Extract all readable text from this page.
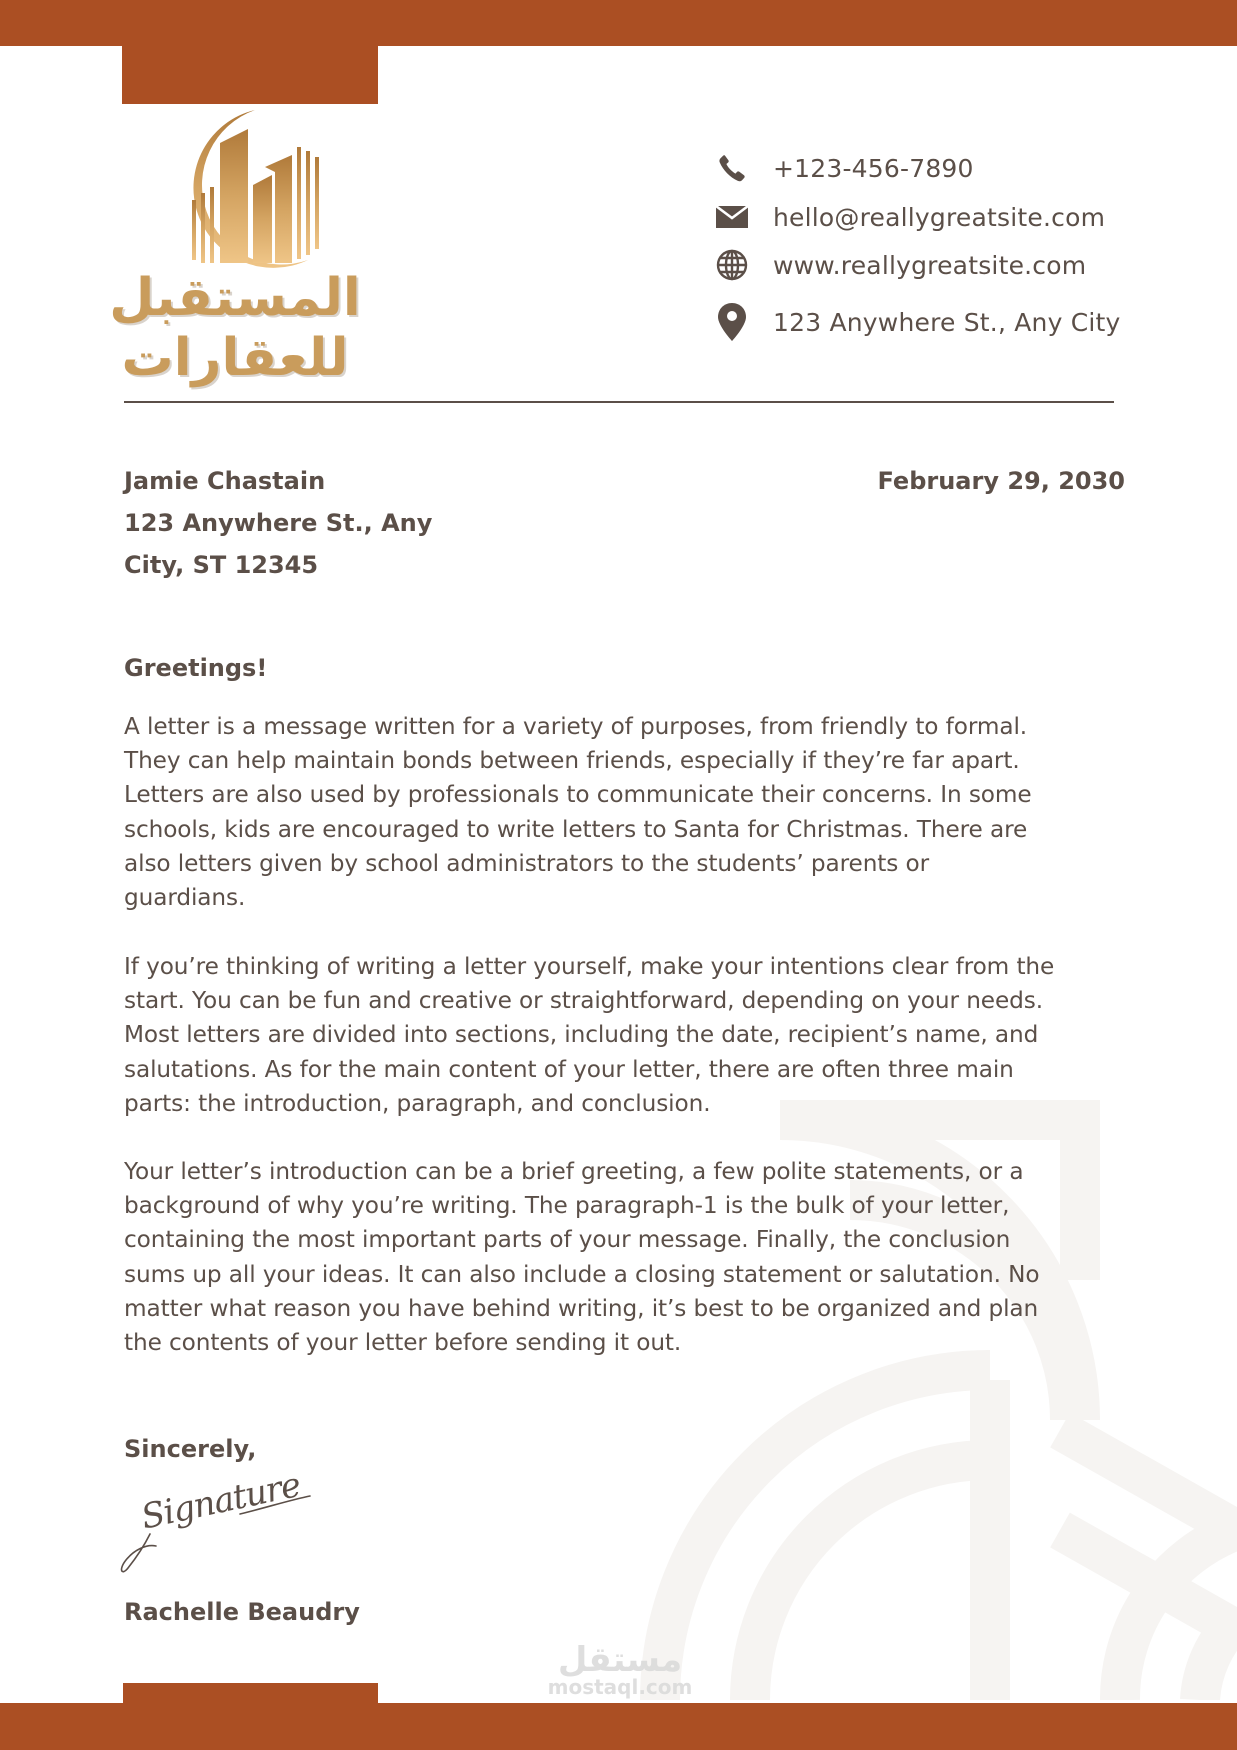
المستقبل للعقارات
+123-456-7890
hello@reallygreatsite.com
www.reallygreatsite.com
123 Anywhere St., Any City
Jamie Chastain
123 Anywhere St., Any
City, ST 12345
February 29, 2030
Greetings!
A letter is a message written for a variety of purposes, from friendly to formal.
They can help maintain bonds between friends, especially if they’re far apart.
Letters are also used by professionals to communicate their concerns. In some
schools, kids are encouraged to write letters to Santa for Christmas. There are
also letters given by school administrators to the students’ parents or
guardians.
If you’re thinking of writing a letter yourself, make your intentions clear from the
start. You can be fun and creative or straightforward, depending on your needs.
Most letters are divided into sections, including the date, recipient’s name, and
salutations. As for the main content of your letter, there are often three main
parts: the introduction, paragraph, and conclusion.
Your letter’s introduction can be a brief greeting, a few polite statements, or a
background of why you’re writing. The paragraph-1 is the bulk of your letter,
containing the most important parts of your message. Finally, the conclusion
sums up all your ideas. It can also include a closing statement or salutation. No
matter what reason you have behind writing, it’s best to be organized and plan
the contents of your letter before sending it out.
Sincerely,
Signature
Rachelle Beaudry
مستقل
mostaql.com
